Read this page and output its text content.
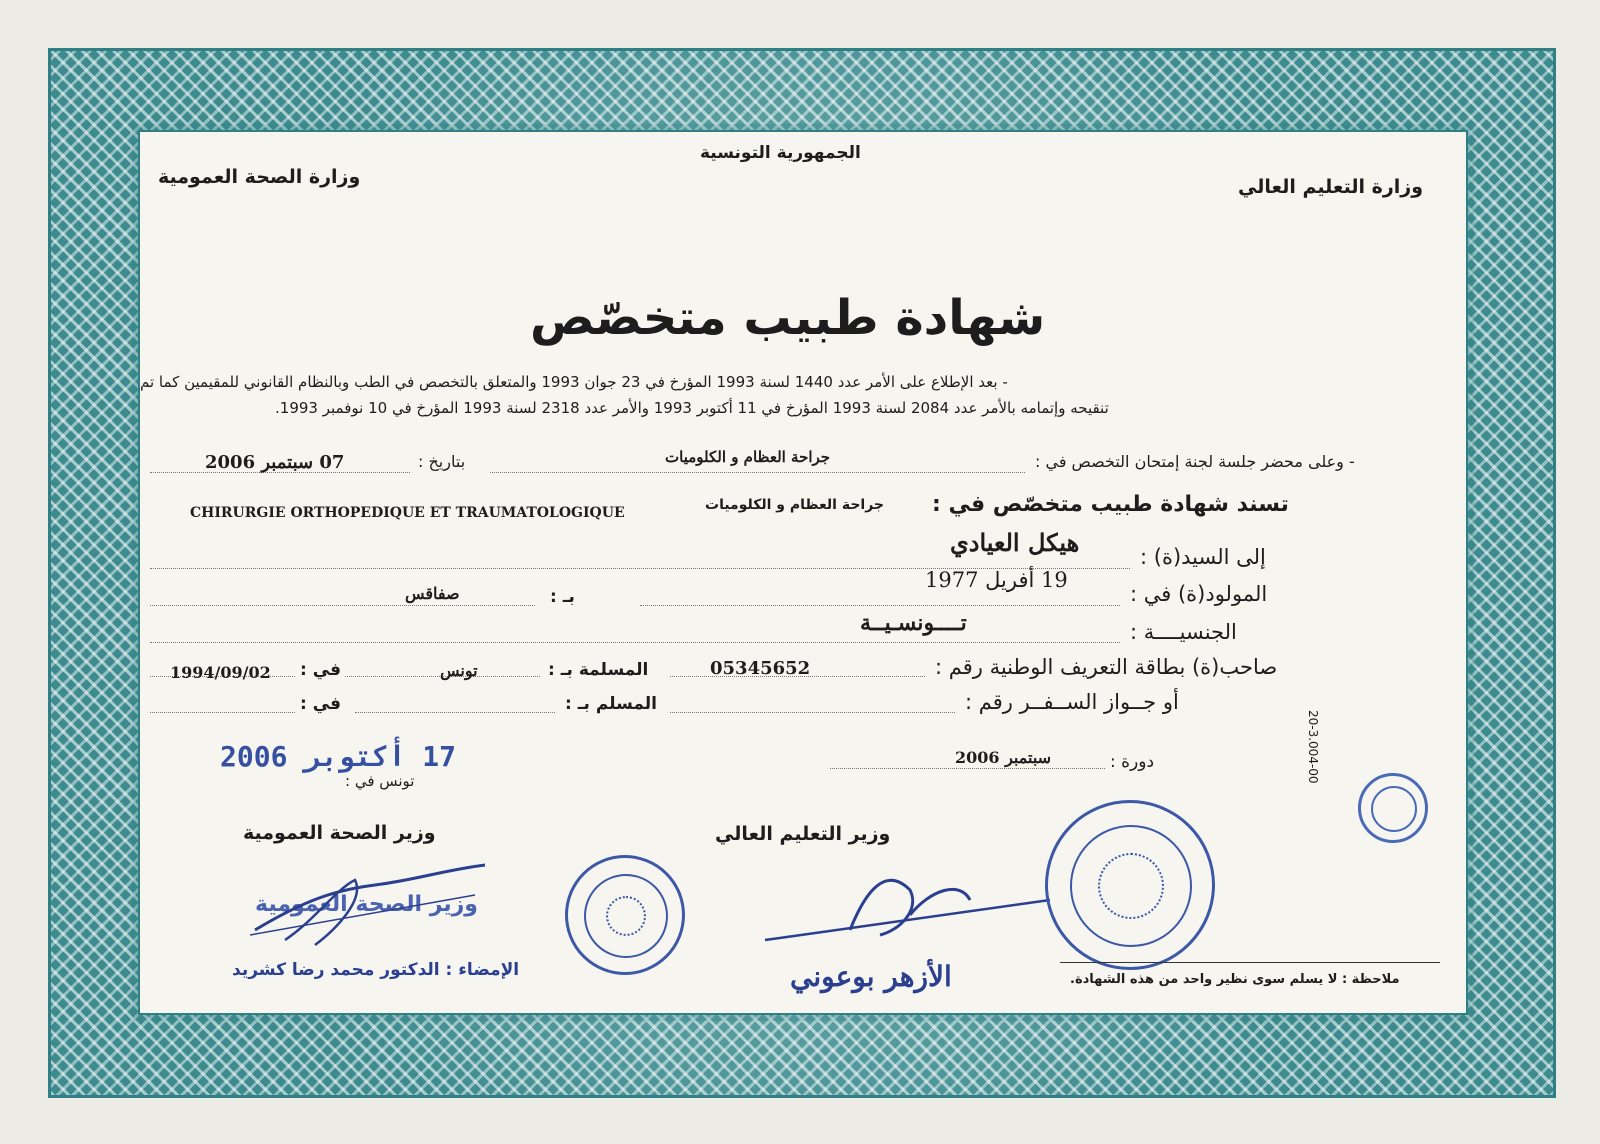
الجمهورية التونسية
وزارة الصحة العمومية	وزارة التعليم العالي
شهادة طبيب متخصّص
- بعد الإطلاع على الأمر عدد 1440 لسنة 1993 المؤرخ في 23 جوان 1993 والمتعلق بالتخصص في الطب وبالنظام القانوني للمقيمين كما تم
تنقيحه وإتمامه بالأمر عدد 2084 لسنة 1993 المؤرخ في 11 أكتوبر 1993 والأمر عدد 2318 لسنة 1993 المؤرخ في 10 نوفمبر 1993.
- وعلى محضر جلسة لجنة إمتحان التخصص في :
جراحة العظام و الكلوميات
بتاريخ :
07 سبتمبر 2006
تسند شهادة طبيب متخصّص في :
جراحة العظام و الكلوميات
CHIRURGIE ORTHOPEDIQUE ET TRAUMATOLOGIQUE
إلى السيد(ة) :
هيكل العيادي
المولود(ة) في :
19 أفريل 1977
بـ :
صفاقس
الجنسيــــة :
تــــونسـيــة
صاحب(ة) بطاقة التعريف الوطنية رقم :
05345652
المسلمة بـ :
تونس
في :
1994/09/02
أو جــواز الســفــر رقم :
المسلم بـ :
في :
دورة :
سبتمبر 2006
تونس في :
17 أكتوبر 2006
وزير الصحة العمومية	وزير التعليم العالي
وزير الصحة العمومية
الإمضاء : الدكتور محمد رضا كشريد	الأزهر بوعوني
20-3.004-00
ملاحظة : لا يسلم سوى نظير واحد من هذه الشهادة.
